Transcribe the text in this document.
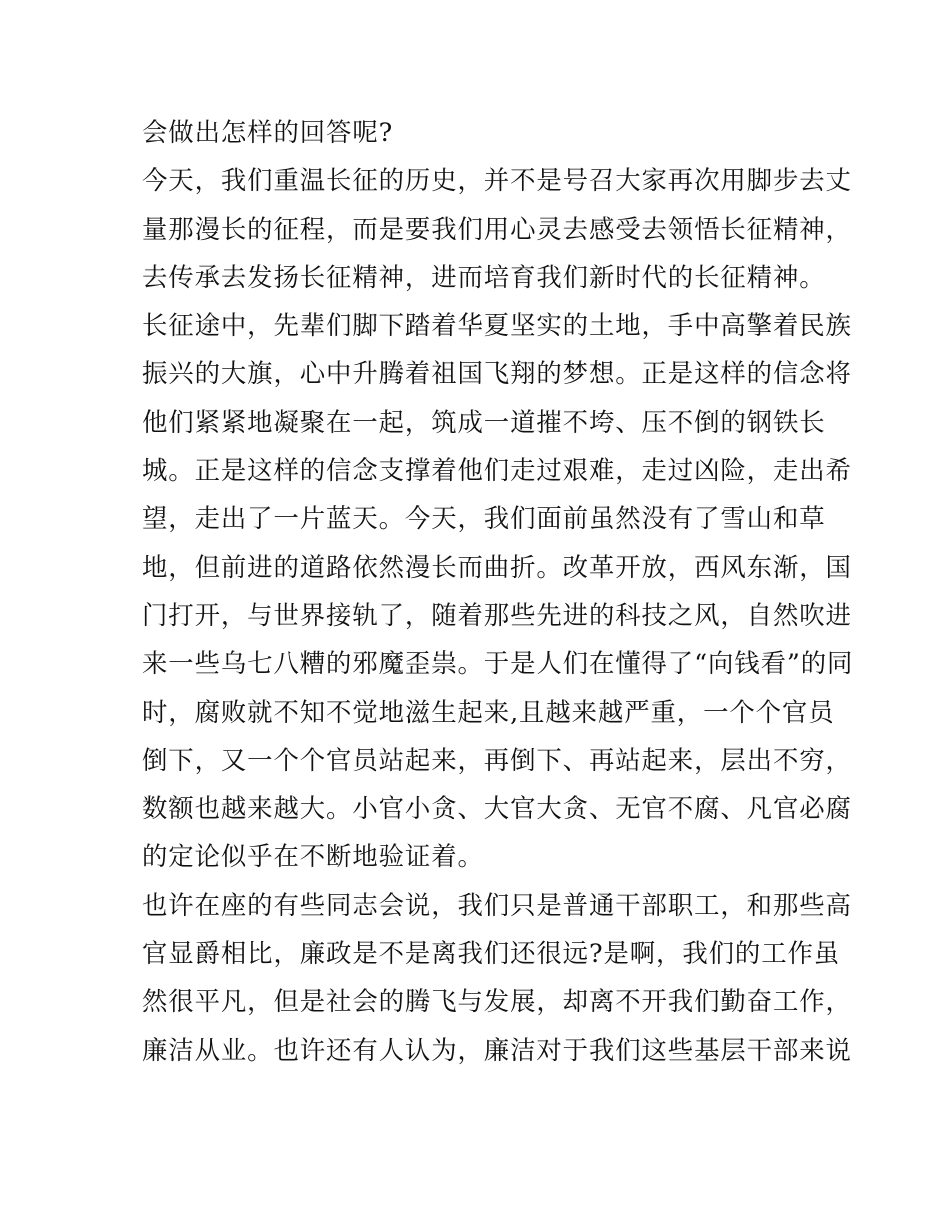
会做出怎样的回答呢?
今天，我们重温长征的历史，并不是号召大家再次用脚步去丈
量那漫长的征程，而是要我们用心灵去感受去领悟长征精神，
去传承去发扬长征精神，进而培育我们新时代的长征精神。
长征途中，先辈们脚下踏着华夏坚实的土地，手中高擎着民族
振兴的大旗，心中升腾着祖国飞翔的梦想。正是这样的信念将
他们紧紧地凝聚在一起，筑成一道摧不垮、压不倒的钢铁长
城。正是这样的信念支撑着他们走过艰难，走过凶险，走出希
望，走出了一片蓝天。今天，我们面前虽然没有了雪山和草
地，但前进的道路依然漫长而曲折。改革开放，西风东渐，国
门打开，与世界接轨了，随着那些先进的科技之风，自然吹进
来一些乌七八糟的邪魔歪祟。于是人们在懂得了“向钱看”的同
时，腐败就不知不觉地滋生起来,且越来越严重，一个个官员
倒下，又一个个官员站起来，再倒下、再站起来，层出不穷，
数额也越来越大。小官小贪、大官大贪、无官不腐、凡官必腐
的定论似乎在不断地验证着。
也许在座的有些同志会说，我们只是普通干部职工，和那些高
官显爵相比，廉政是不是离我们还很远?是啊，我们的工作虽
然很平凡，但是社会的腾飞与发展，却离不开我们勤奋工作，
廉洁从业。也许还有人认为，廉洁对于我们这些基层干部来说
